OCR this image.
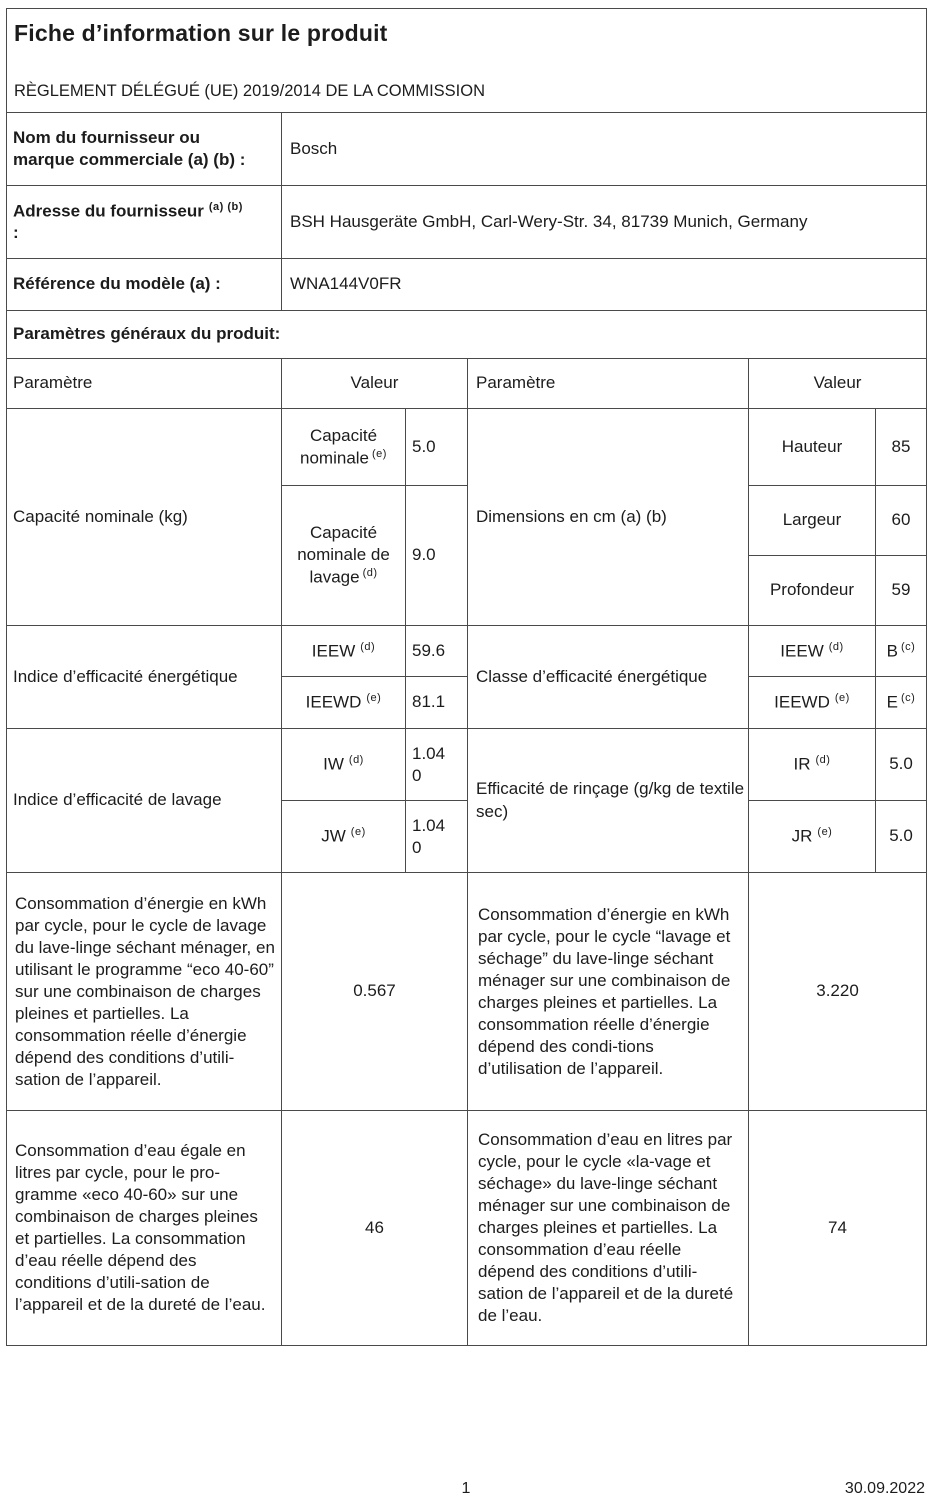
Fiche d’information sur le produit
RÈGLEMENT DÉLÉGUÉ (UE) 2019/2014 DE LA COMMISSION					

Nom du fournisseur ou marque commerciale (a) (b) :	Bosch				
Adresse du fournisseur $^{(a) (b)}$
:	BSH Hausgeräte GmbH, Carl-Wery-Str. 34, 81739 Munich, Germany				
Référence du modèle (a) :	WNA144V0FR				
Paramètres généraux du produit:					
Paramètre	Valeur		Paramètre	Valeur	
Capacité nominale (kg)	Capacité nominale $^{(e)}$	5.0	Dimensions en cm (a) (b)	Hauteur	85
	Capacité nominale de lavage $^{(d)}$	9.0		Largeur	60
				Profondeur	59
Indice d’efficacité énergétique	IEEW $^{(d)}$	59.6	Classe d’efficacité énergétique	IEEW $^{(d)}$	B $^{(c)}$
	IEEWD $^{(e)}$	81.1		IEEWD $^{(e)}$	E $^{(c)}$
Indice d’efficacité de lavage	IW $^{(d)}$	1.040	Efficacité de rinçage (g/kg de textile sec)	IR $^{(d)}$	5.0
	JW $^{(e)}$	1.040		JR $^{(e)}$	5.0
Consommation d’énergie en kWh par cycle, pour le cycle de lavage du lave-linge séchant ménager, en utilisant le programme “eco 40-60” sur une combinaison de charges pleines et partielles. La consommation réelle d’énergie dépend des conditions d’utili-sation de l’appareil.	0.567	Consommation d’énergie en kWh par cycle, pour le cycle “lavage et séchage” du lave-linge séchant ménager sur une combinaison de charges pleines et partielles. La consommation réelle d’énergie dépend des condi-tions d’utilisation de l’appareil.	3.220
Consommation d’eau égale en litres par cycle, pour le pro-gramme «eco 40-60» sur une combinaison de charges pleines et partielles. La consommation d’eau réelle dépend des conditions d’utili-sation de l’appareil et de la dureté de l’eau.	46	Consommation d’eau en litres par cycle, pour le cycle «la-vage et séchage» du lave-linge séchant ménager sur une combinaison de charges pleines et partielles. La consommation d’eau réelle dépend des conditions d’utili-sation de l’appareil et de la dureté de l’eau.	74
1	30.09.2022
